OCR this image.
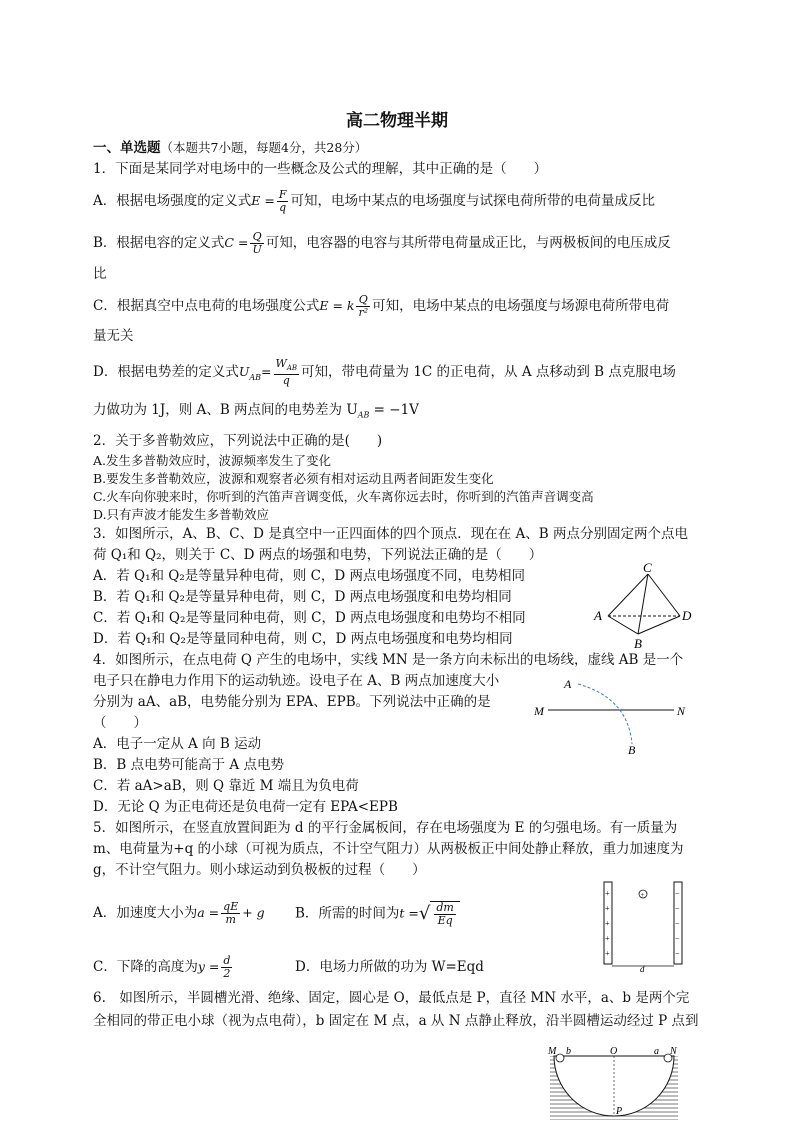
高二物理半期
一、单选题（本题共7小题，每题4分，共28分）
1．下面是某同学对电场中的一些概念及公式的理解，其中正确的是（　　）
A．根据电场强度的定义式$E = \frac{F}{q}$ 可知，电场中某点的电场强度与试探电荷所带的电荷量成反比
B．根据电容的定义式$C = \frac{Q}{U}$ 可知，电容器的电容与其所带电荷量成正比，与两极板间的电压成反
比
C．根据真空中点电荷的电场强度公式E = k $\frac{Q}{\text{r²}}$ 可知，电场中某点的电场强度与场源电荷所带电荷
量无关
D．根据电势差的定义式$U_{AB}= \frac{W_{AB}}{q}$ 可知，带电荷量为 1C 的正电荷，从 A 点移动到 B 点克服电场
力做功为 1J，则 A、B 两点间的电势差为 $U_{AB} = -1V$
2．关于多普勒效应，下列说法中正确的是(　　)
A.发生多普勒效应时，波源频率发生了变化
B.要发生多普勒效应，波源和观察者必须有相对运动且两者间距发生变化
C.火车向你驶来时，你听到的汽笛声音调变低，火车离你远去时，你听到的汽笛声音调变高
D.只有声波才能发生多普勒效应
3．如图所示，A、B、C、D 是真空中一正四面体的四个顶点．现在在 A、B 两点分别固定两个点电
荷 Q₁和 Q₂，则关于 C、D 两点的场强和电势，下列说法正确的是（　　）
A．若 Q₁和 Q₂是等量异种电荷，则 C，D 两点电场强度不同，电势相同
B．若 Q₁和 Q₂是等量异种电荷，则 C，D 两点电场强度和电势均相同
C．若 Q₁和 Q₂是等量同种电荷，则 C，D 两点电场强度和电势均不相同
D．若 Q₁和 Q₂是等量同种电荷，则 C，D 两点电场强度和电势均相同
C
A	D
B
4．如图所示，在点电荷 Q 产生的电场中，实线 MN 是一条方向未标出的电场线，虚线 AB 是一个
电子只在静电力作用下的运动轨迹。设电子在 A、B 两点加速度大小
分别为 aA、aB，电势能分别为 EPA、EPB。下列说法中正确的是
（　　）
A．电子一定从 A 向 B 运动
B．B 点电势可能高于 A 点电势
C．若 aA>aB，则 Q 靠近 M 端且为负电荷
D．无论 Q 为正电荷还是负电荷一定有 EPA<EPB
M	N
A
B
5．如图所示，在竖直放置间距为 d 的平行金属板间，存在电场强度为 E 的匀强电场。有一质量为
m、电荷量为+q 的小球（可视为质点，不计空气阻力）从两极板正中间处静止释放，重力加速度为
g，不计空气阻力。则小球运动到负极板的过程（　　）
A．加速度大小为$a = \frac{qE}{m} + g$ B．所需的时间为t =√ $\frac{dm}{Eq}$
C．下降的高度为$y = \frac{d}{2}$	D．电场力所做的功为 W=Eqd
+
+
+
+
+
−
−
−
−
−
+
d
6.　如图所示，半圆槽光滑、绝缘、固定，圆心是 O，最低点是 P，直径 MN 水平，a、b 是两个完
全相同的带正电小球（视为点电荷），b 固定在 M 点，a 从 N 点静止释放，沿半圆槽运动经过 P 点到
M b	O	a N
P
